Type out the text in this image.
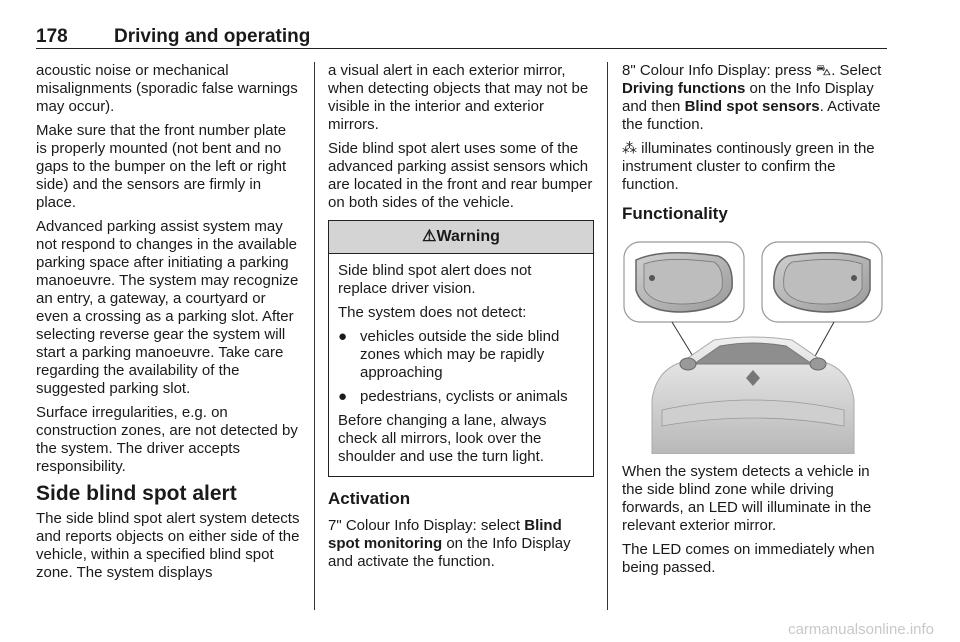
178 Driving and operating

acoustic noise or mechanical misalignments (sporadic false warnings may occur).

Make sure that the front number plate is properly mounted (not bent and no gaps to the bumper on the left or right side) and the sensors are firmly in place.

Advanced parking assist system may not respond to changes in the available parking space after initiating a parking manoeuvre. The system may recognize an entry, a gateway, a courtyard or even a crossing as a parking slot. After selecting reverse gear the system will start a parking manoeuvre. Take care regarding the availability of the suggested parking slot.

Surface irregularities, e.g. on construction zones, are not detected by the system. The driver accepts responsibility.

Side blind spot alert

The side blind spot alert system detects and reports objects on either side of the vehicle, within a specified blind spot zone. The system displays

a visual alert in each exterior mirror, when detecting objects that may not be visible in the interior and exterior mirrors.

Side blind spot alert uses some of the advanced parking assist sensors which are located in the front and rear bumper on both sides of the vehicle.

⚠Warning

Side blind spot alert does not replace driver vision.

The system does not detect:

● vehicles outside the side blind zones which may be rapidly approaching
● pedestrians, cyclists or animals

Before changing a lane, always check all mirrors, look over the shoulder and use the turn light.

Activation

7" Colour Info Display: select Blind spot monitoring on the Info Display and activate the function.

8" Colour Info Display: press ⛍. Select Driving functions on the Info Display and then Blind spot sensors. Activate the function.

⁂ illuminates continously green in the instrument cluster to confirm the function.

Functionality

When the system detects a vehicle in the side blind zone while driving forwards, an LED will illuminate in the relevant exterior mirror.

The LED comes on immediately when being passed.

carmanualsonline.info
